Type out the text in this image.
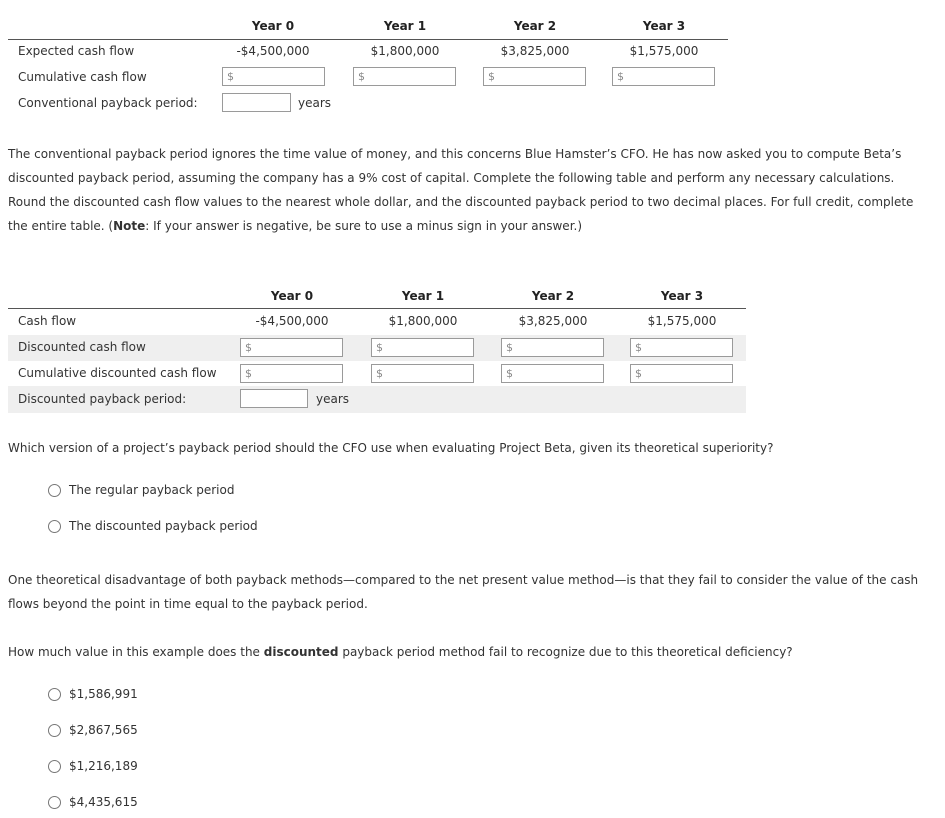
Year 0	Year 1	Year 2	Year 3
Expected cash flow	-$4,500,000	$1,800,000	$3,825,000	$1,575,000
Cumulative cash flow	$	$	$	$
Conventional payback period:	years
The conventional payback period ignores the time value of money, and this concerns Blue Hamster’s CFO. He has now asked you to compute Beta’s discounted payback period, assuming the company has a 9% cost of capital. Complete the following table and perform any necessary calculations. Round the discounted cash flow values to the nearest whole dollar, and the discounted payback period to two decimal places. For full credit, complete the entire table. (Note: If your answer is negative, be sure to use a minus sign in your answer.)
Year 0	Year 1	Year 2	Year 3
Cash flow	-$4,500,000	$1,800,000	$3,825,000	$1,575,000
Discounted cash flow	$	$	$	$
Cumulative discounted cash flow	$	$	$	$
Discounted payback period:	years
Which version of a project’s payback period should the CFO use when evaluating Project Beta, given its theoretical superiority?
The regular payback period
The discounted payback period
One theoretical disadvantage of both payback methods—compared to the net present value method—is that they fail to consider the value of the cash flows beyond the point in time equal to the payback period.
How much value in this example does the discounted payback period method fail to recognize due to this theoretical deficiency?
$1,586,991
$2,867,565
$1,216,189
$4,435,615
